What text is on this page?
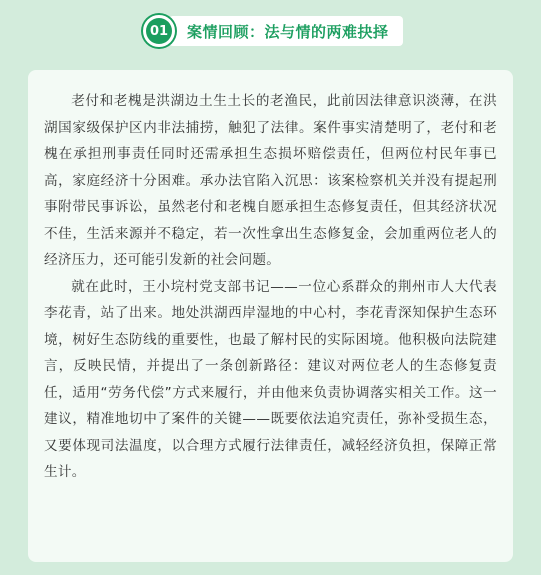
01	案情回顾：法与情的两难抉择

老付和老槐是洪湖边土生土长的老渔民，此前因法律意识淡薄，在洪湖国家级保护区内非法捕捞，触犯了法律。案件事实清楚明了，老付和老槐在承担刑事责任同时还需承担生态损坏赔偿责任，但两位村民年事已高，家庭经济十分困难。承办法官陷入沉思：该案检察机关并没有提起刑事附带民事诉讼，虽然老付和老槐自愿承担生态修复责任，但其经济状况不佳，生活来源并不稳定，若一次性拿出生态修复金，会加重两位老人的经济压力，还可能引发新的社会问题。

就在此时，王小垸村党支部书记——一位心系群众的荆州市人大代表李花青，站了出来。地处洪湖西岸湿地的中心村，李花青深知保护生态环境，树好生态防线的重要性，也最了解村民的实际困境。他积极向法院建言，反映民情，并提出了一条创新路径：建议对两位老人的生态修复责任，适用“劳务代偿”方式来履行，并由他来负责协调落实相关工作。这一建议，精准地切中了案件的关键——既要依法追究责任，弥补受损生态，又要体现司法温度，以合理方式履行法律责任，减轻经济负担，保障正常生计。
